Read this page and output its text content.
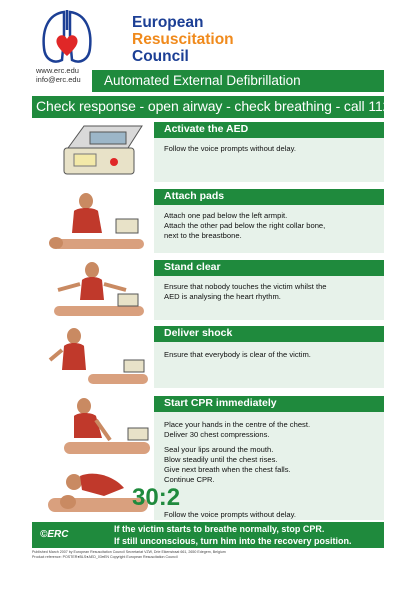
European
Resuscitation
Council
www.erc.edu
info@erc.edu Automated External Defibrillation
Check response - open airway - check breathing - call 112
Activate the AED

Follow the voice prompts without delay.

Attach pads

Attach one pad below the left armpit.

Attach the other pad below the right collar bone,

next to the breastbone.

Stand clear

Ensure that nobody touches the victim whilst the

AED is analysing the heart rhythm.

Deliver shock

Ensure that everybody is clear of the victim.

Start CPR immediately

Place your hands in the centre of the chest.

Deliver 30 chest compressions.

Seal your lips around the mouth.

Blow steadily until the chest rises.

Give next breath when the chest falls.

Continue CPR.

Follow the voice prompts without delay.

30:2
©ERC	If the victim starts to breathe normally, stop CPR.
If still unconscious, turn him into the recovery position.
Published March 2007 by European Resuscitation Council Secretariat VZW, Drie Eikenstraat 661, 2650 Edegem, Belgium
Product reference: POSTER●BLS●AED_03●EN Copyright European Resuscitation Council
